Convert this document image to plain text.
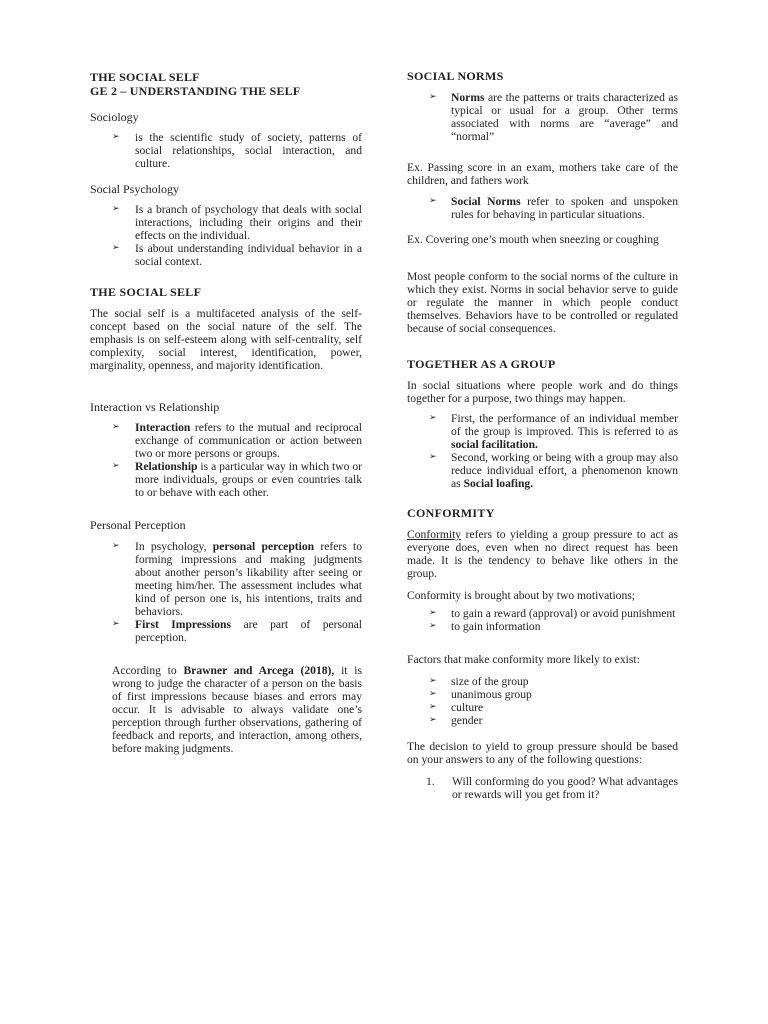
THE SOCIAL SELF

GE 2 – UNDERSTANDING THE SELF

Sociology

➢ is the scientific study of society, patterns of social relationships, social interaction, and culture.

Social Psychology

➢ Is a branch of psychology that deals with social interactions, including their origins and their effects on the individual.
➢ Is about understanding individual behavior in a social context.

THE SOCIAL SELF

The social self is a multifaceted analysis of the self-concept based on the social nature of the self. The emphasis is on self-esteem along with self-centrality, self complexity, social interest, identification, power, marginality, openness, and majority identification.

Interaction vs Relationship

➢ Interaction refers to the mutual and reciprocal exchange of communication or action between two or more persons or groups.
➢ Relationship is a particular way in which two or more individuals, groups or even countries talk to or behave with each other.

Personal Perception

➢ In psychology, personal perception refers to forming impressions and making judgments about another person’s likability after seeing or meeting him/her. The assessment includes what kind of person one is, his intentions, traits and behaviors.
➢ First Impressions are part of personal perception.

According to Brawner and Arcega (2018), it is wrong to judge the character of a person on the basis of first impressions because biases and errors may occur. It is advisable to always validate one’s perception through further observations, gathering of feedback and reports, and interaction, among others, before making judgments.

SOCIAL NORMS

➢ Norms are the patterns or traits characterized as typical or usual for a group. Other terms associated with norms are “average” and “normal”

Ex. Passing score in an exam, mothers take care of the children, and fathers work

➢ Social Norms refer to spoken and unspoken rules for behaving in particular situations.

Ex. Covering one’s mouth when sneezing or coughing

Most people conform to the social norms of the culture in which they exist. Norms in social behavior serve to guide or regulate the manner in which people conduct themselves. Behaviors have to be controlled or regulated because of social consequences.

TOGETHER AS A GROUP

In social situations where people work and do things together for a purpose, two things may happen.

➢ First, the performance of an individual member of the group is improved. This is referred to as social facilitation.
➢ Second, working or being with a group may also reduce individual effort, a phenomenon known as Social loafing.

CONFORMITY

Conformity refers to yielding a group pressure to act as everyone does, even when no direct request has been made. It is the tendency to behave like others in the group.

Conformity is brought about by two motivations;

➢ to gain a reward (approval) or avoid punishment
➢ to gain information

Factors that make conformity more likely to exist:

➢ size of the group
➢ unanimous group
➢ culture
➢ gender

The decision to yield to group pressure should be based on your answers to any of the following questions:

1. Will conforming do you good? What advantages or rewards will you get from it?
